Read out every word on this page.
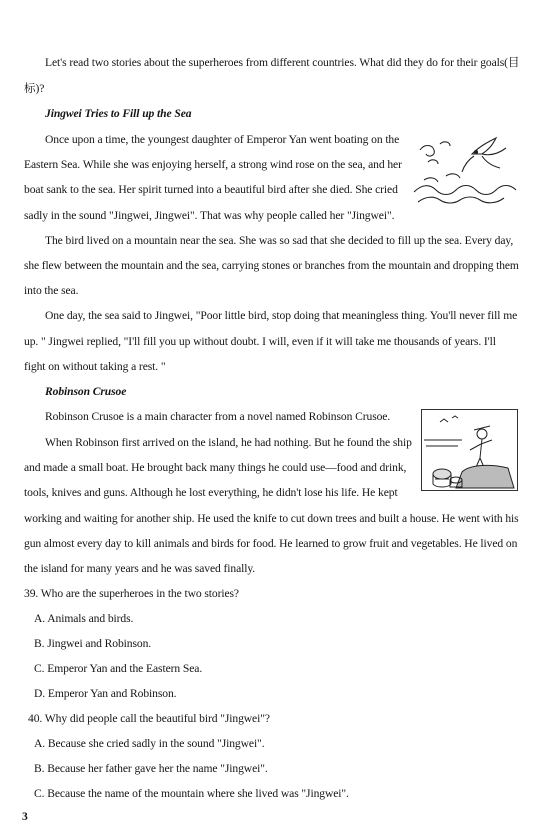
Let's read two stories about the superheroes from different countries. What did they do for their goals(目
标)?
Jingwei Tries to Fill up the Sea
Once upon a time, the youngest daughter of Emperor Yan went boating on the
Eastern Sea. While she was enjoying herself, a strong wind rose on the sea, and her
boat sank to the sea. Her spirit turned into a beautiful bird after she died. She cried
sadly in the sound "Jingwei, Jingwei". That was why people called her "Jingwei".
The bird lived on a mountain near the sea. She was so sad that she decided to fill up the sea. Every day,
she flew between the mountain and the sea, carrying stones or branches from the mountain and dropping them
into the sea.
One day, the sea said to Jingwei, "Poor little bird, stop doing that meaningless thing. You'll never fill me
up. " Jingwei replied, "I'll fill you up without doubt. I will, even if it will take me thousands of years. I'll
fight on without taking a rest. "
Robinson Crusoe
Robinson Crusoe is a main character from a novel named Robinson Crusoe.
When Robinson first arrived on the island, he had nothing. But he found the ship
and made a small boat. He brought back many things he could use—food and drink,
tools, knives and guns. Although he lost everything, he didn't lose his life. He kept
working and waiting for another ship. He used the knife to cut down trees and built a house. He went with his
gun almost every day to kill animals and birds for food. He learned to grow fruit and vegetables. He lived on
the island for many years and he was saved finally.
39. Who are the superheroes in the two stories?
A. Animals and birds.
B. Jingwei and Robinson.
C. Emperor Yan and the Eastern Sea.
D. Emperor Yan and Robinson.
40. Why did people call the beautiful bird "Jingwei"?
A. Because she cried sadly in the sound "Jingwei".
B. Because her father gave her the name "Jingwei".
C. Because the name of the mountain where she lived was "Jingwei".
3
